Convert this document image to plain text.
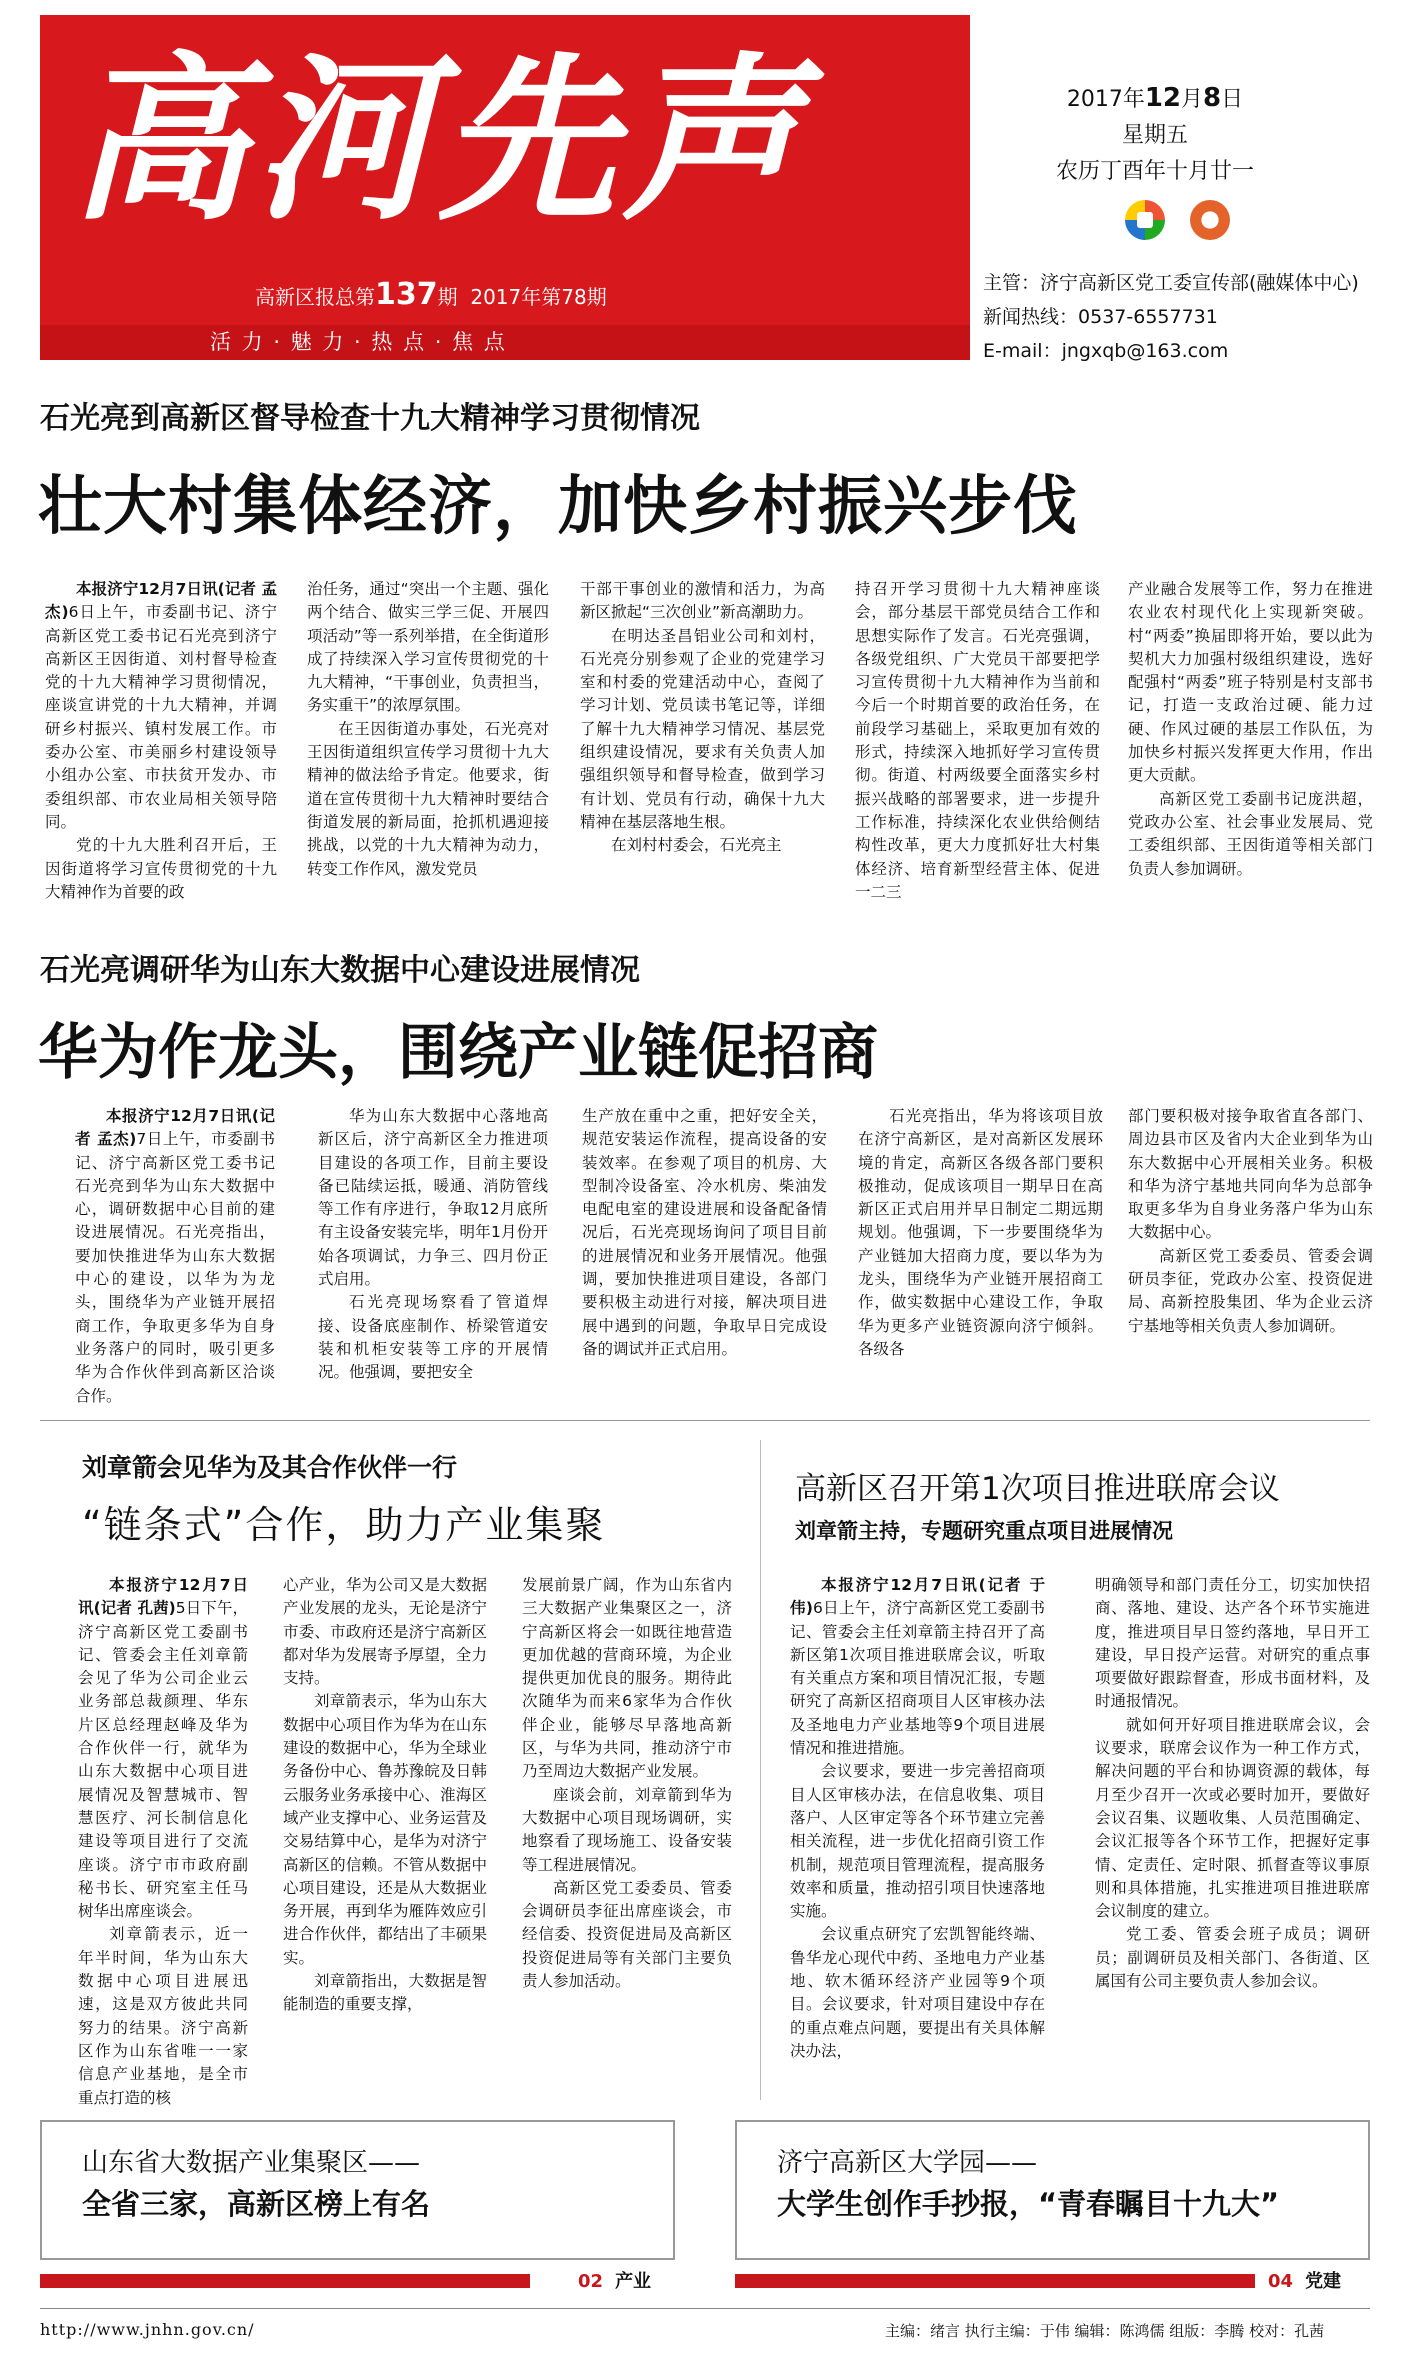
高河先声
高新区报总第137期 2017年第78期
活 力 · 魅 力 · 热 点 · 焦 点
2017年12月8日
星期五
农历丁酉年十月廿一
主管：济宁高新区党工委宣传部(融媒体中心)
新闻热线：0537-6557731
E-mail：jngxqb@163.com
石光亮到高新区督导检查十九大精神学习贯彻情况
壮大村集体经济，加快乡村振兴步伐

本报济宁12月7日讯(记者 孟杰)6日上午，市委副书记、济宁高新区党工委书记石光亮到济宁高新区王因街道、刘村督导检查党的十九大精神学习贯彻情况，座谈宣讲党的十九大精神，并调研乡村振兴、镇村发展工作。市委办公室、市美丽乡村建设领导小组办公室、市扶贫开发办、市委组织部、市农业局相关领导陪同。

党的十九大胜利召开后，王因街道将学习宣传贯彻党的十九大精神作为首要的政

治任务，通过“突出一个主题、强化两个结合、做实三学三促、开展四项活动”等一系列举措，在全街道形成了持续深入学习宣传贯彻党的十九大精神，“干事创业，负责担当，务实重干”的浓厚氛围。

在王因街道办事处，石光亮对王因街道组织宣传学习贯彻十九大精神的做法给予肯定。他要求，街道在宣传贯彻十九大精神时要结合街道发展的新局面，抢抓机遇迎接挑战，以党的十九大精神为动力，转变工作作风，激发党员

干部干事创业的激情和活力，为高新区掀起“三次创业”新高潮助力。

在明达圣昌铝业公司和刘村，石光亮分别参观了企业的党建学习室和村委的党建活动中心，查阅了学习计划、党员读书笔记等，详细了解十九大精神学习情况、基层党组织建设情况，要求有关负责人加强组织领导和督导检查，做到学习有计划、党员有行动，确保十九大精神在基层落地生根。

在刘村村委会，石光亮主

持召开学习贯彻十九大精神座谈会，部分基层干部党员结合工作和思想实际作了发言。石光亮强调，各级党组织、广大党员干部要把学习宣传贯彻十九大精神作为当前和今后一个时期首要的政治任务，在前段学习基础上，采取更加有效的形式，持续深入地抓好学习宣传贯彻。街道、村两级要全面落实乡村振兴战略的部署要求，进一步提升工作标准，持续深化农业供给侧结构性改革，更大力度抓好壮大村集体经济、培育新型经营主体、促进一二三

产业融合发展等工作，努力在推进农业农村现代化上实现新突破。村“两委”换届即将开始，要以此为契机大力加强村级组织建设，选好配强村“两委”班子特别是村支部书记，打造一支政治过硬、能力过硬、作风过硬的基层工作队伍，为加快乡村振兴发挥更大作用，作出更大贡献。

高新区党工委副书记庞洪超，党政办公室、社会事业发展局、党工委组织部、王因街道等相关部门负责人参加调研。

石光亮调研华为山东大数据中心建设进展情况
华为作龙头，围绕产业链促招商

本报济宁12月7日讯(记者 孟杰)7日上午，市委副书记、济宁高新区党工委书记石光亮到华为山东大数据中心，调研数据中心目前的建设进展情况。石光亮指出，要加快推进华为山东大数据中心的建设，以华为为龙头，围绕华为产业链开展招商工作，争取更多华为自身业务落户的同时，吸引更多华为合作伙伴到高新区洽谈合作。

华为山东大数据中心落地高新区后，济宁高新区全力推进项目建设的各项工作，目前主要设备已陆续运抵，暖通、消防管线等工作有序进行，争取12月底所有主设备安装完毕，明年1月份开始各项调试，力争三、四月份正式启用。

石光亮现场察看了管道焊接、设备底座制作、桥梁管道安装和机柜安装等工序的开展情况。他强调，要把安全

生产放在重中之重，把好安全关，规范安装运作流程，提高设备的安装效率。在参观了项目的机房、大型制冷设备室、冷水机房、柴油发电配电室的建设进展和设备配备情况后，石光亮现场询问了项目目前的进展情况和业务开展情况。他强调，要加快推进项目建设，各部门要积极主动进行对接，解决项目进展中遇到的问题，争取早日完成设备的调试并正式启用。

石光亮指出，华为将该项目放在济宁高新区，是对高新区发展环境的肯定，高新区各级各部门要积极推动，促成该项目一期早日在高新区正式启用并早日制定二期远期规划。他强调，下一步要围绕华为产业链加大招商力度，要以华为为龙头，围绕华为产业链开展招商工作，做实数据中心建设工作，争取华为更多产业链资源向济宁倾斜。各级各

部门要积极对接争取省直各部门、周边县市区及省内大企业到华为山东大数据中心开展相关业务。积极和华为济宁基地共同向华为总部争取更多华为自身业务落户华为山东大数据中心。

高新区党工委委员、管委会调研员李征，党政办公室、投资促进局、高新控股集团、华为企业云济宁基地等相关负责人参加调研。

刘章箭会见华为及其合作伙伴一行
“链条式”合作，助力产业集聚

本报济宁12月7日讯(记者 孔茜)5日下午，济宁高新区党工委副书记、管委会主任刘章箭会见了华为公司企业云业务部总裁颜理、华东片区总经理赵峰及华为合作伙伴一行，就华为山东大数据中心项目进展情况及智慧城市、智慧医疗、河长制信息化建设等项目进行了交流座谈。济宁市市政府副秘书长、研究室主任马树华出席座谈会。

刘章箭表示，近一年半时间，华为山东大数据中心项目进展迅速，这是双方彼此共同努力的结果。济宁高新区作为山东省唯一一家信息产业基地，是全市重点打造的核

心产业，华为公司又是大数据产业发展的龙头，无论是济宁市委、市政府还是济宁高新区都对华为发展寄予厚望，全力支持。

刘章箭表示，华为山东大数据中心项目作为华为在山东建设的数据中心，华为全球业务备份中心、鲁苏豫皖及日韩云服务业务承接中心、淮海区域产业支撑中心、业务运营及交易结算中心，是华为对济宁高新区的信赖。不管从数据中心项目建设，还是从大数据业务开展，再到华为雁阵效应引进合作伙伴，都结出了丰硕果实。

刘章箭指出，大数据是智能制造的重要支撑，

发展前景广阔，作为山东省内三大数据产业集聚区之一，济宁高新区将会一如既往地营造更加优越的营商环境，为企业提供更加优良的服务。期待此次随华为而来6家华为合作伙伴企业，能够尽早落地高新区，与华为共同，推动济宁市乃至周边大数据产业发展。

座谈会前，刘章箭到华为大数据中心项目现场调研，实地察看了现场施工、设备安装等工程进展情况。

高新区党工委委员、管委会调研员李征出席座谈会，市经信委、投资促进局及高新区投资促进局等有关部门主要负责人参加活动。

高新区召开第1次项目推进联席会议
刘章箭主持，专题研究重点项目进展情况

本报济宁12月7日讯(记者 于伟)6日上午，济宁高新区党工委副书记、管委会主任刘章箭主持召开了高新区第1次项目推进联席会议，听取有关重点方案和项目情况汇报，专题研究了高新区招商项目人区审核办法及圣地电力产业基地等9个项目进展情况和推进措施。

会议要求，要进一步完善招商项目人区审核办法，在信息收集、项目落户、人区审定等各个环节建立完善相关流程，进一步优化招商引资工作机制，规范项目管理流程，提高服务效率和质量，推动招引项目快速落地实施。

会议重点研究了宏凯智能终端、鲁华龙心现代中药、圣地电力产业基地、软木循环经济产业园等9个项目。会议要求，针对项目建设中存在的重点难点问题，要提出有关具体解决办法，

明确领导和部门责任分工，切实加快招商、落地、建设、达产各个环节实施进度，推进项目早日签约落地，早日开工建设，早日投产运营。对研究的重点事项要做好跟踪督查，形成书面材料，及时通报情况。

就如何开好项目推进联席会议，会议要求，联席会议作为一种工作方式，解决问题的平台和协调资源的载体，每月至少召开一次或必要时加开，要做好会议召集、议题收集、人员范围确定、会议汇报等各个环节工作，把握好定事情、定责任、定时限、抓督查等议事原则和具体措施，扎实推进项目推进联席会议制度的建立。

党工委、管委会班子成员；调研员；副调研员及相关部门、各街道、区属国有公司主要负责人参加会议。

山东省大数据产业集聚区——
全省三家，高新区榜上有名
02 产业
济宁高新区大学园——
大学生创作手抄报，“青春瞩目十九大”
04 党建
http://www.jnhn.gov.cn/	主编：绪言 执行主编：于伟 编辑：陈鸿儒 组版：李腾 校对：孔茜
